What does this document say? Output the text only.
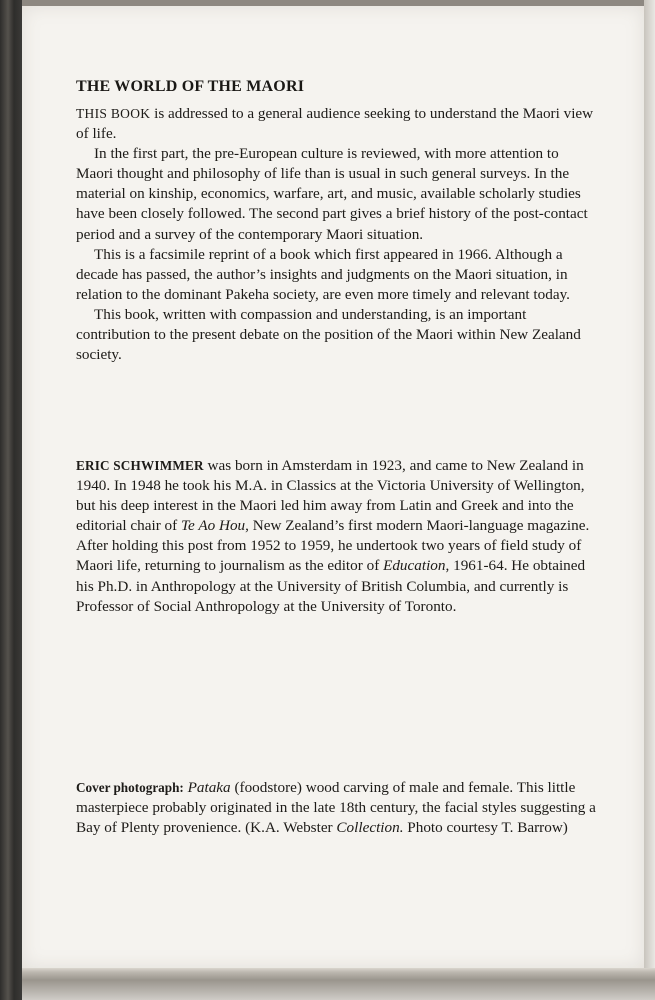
THE WORLD OF THE MAORI

THIS BOOK is addressed to a general audience seeking to understand the Maori view of life.

In the first part, the pre-European culture is reviewed, with more attention to Maori thought and philosophy of life than is usual in such general surveys. In the material on kinship, economics, warfare, art, and music, available scholarly studies have been closely followed. The second part gives a brief history of the post-contact period and a survey of the contemporary Maori situation.

This is a facsimile reprint of a book which first appeared in 1966. Although a decade has passed, the author’s insights and judgments on the Maori situation, in relation to the dominant Pakeha society, are even more timely and relevant today.

This book, written with compassion and understanding, is an important contribution to the present debate on the position of the Maori within New Zealand society.

ERIC SCHWIMMER was born in Amsterdam in 1923, and came to New Zealand in 1940. In 1948 he took his M.A. in Classics at the Victoria University of Wellington, but his deep interest in the Maori led him away from Latin and Greek and into the editorial chair of Te Ao Hou, New Zealand’s first modern Maori-language magazine. After holding this post from 1952 to 1959, he undertook two years of field study of Maori life, returning to journalism as the editor of Education, 1961-64. He obtained his Ph.D. in Anthropology at the University of British Columbia, and currently is Professor of Social Anthropology at the University of Toronto.

Cover photograph: Pataka (foodstore) wood carving of male and female. This little masterpiece probably originated in the late 18th century, the facial styles suggesting a Bay of Plenty provenience. (K.A. Webster Collection. Photo courtesy T. Barrow)
